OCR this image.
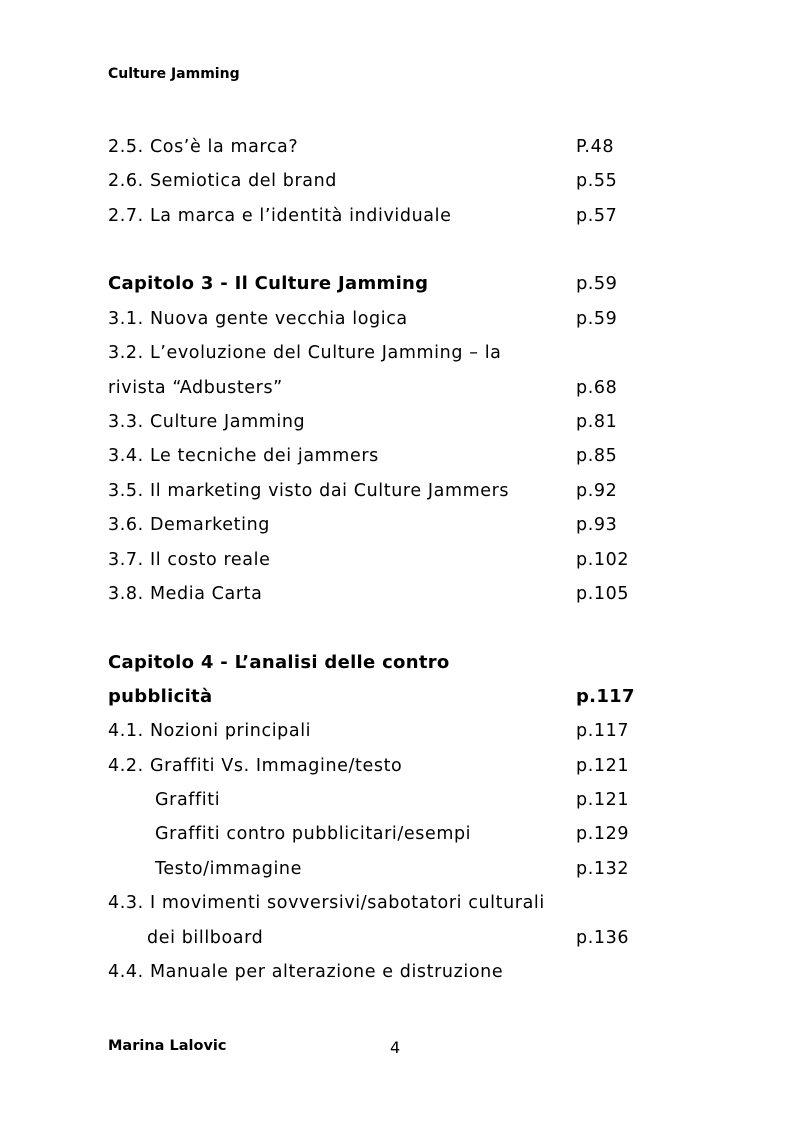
Culture Jamming
2.5. Cos’è la marca?	P.48
2.6. Semiotica del brand	p.55
2.7. La marca e l’identità individuale	p.57
Capitolo 3 - Il Culture Jamming	p.59
3.1. Nuova gente vecchia logica	p.59
3.2. L’evoluzione del Culture Jamming – la
rivista “Adbusters”	p.68
3.3. Culture Jamming	p.81
3.4. Le tecniche dei jammers	p.85
3.5. Il marketing visto dai Culture Jammers	p.92
3.6. Demarketing	p.93
3.7. Il costo reale	p.102
3.8. Media Carta	p.105
Capitolo 4 - L’analisi delle contro
pubblicità	p.117
4.1. Nozioni principali	p.117
4.2. Graffiti Vs. Immagine/testo	p.121
Graffiti	p.121
Graffiti contro pubblicitari/esempi	p.129
Testo/immagine	p.132
4.3. I movimenti sovversivi/sabotatori culturali
dei billboard	p.136
4.4. Manuale per alterazione e distruzione
Marina Lalovic	4
